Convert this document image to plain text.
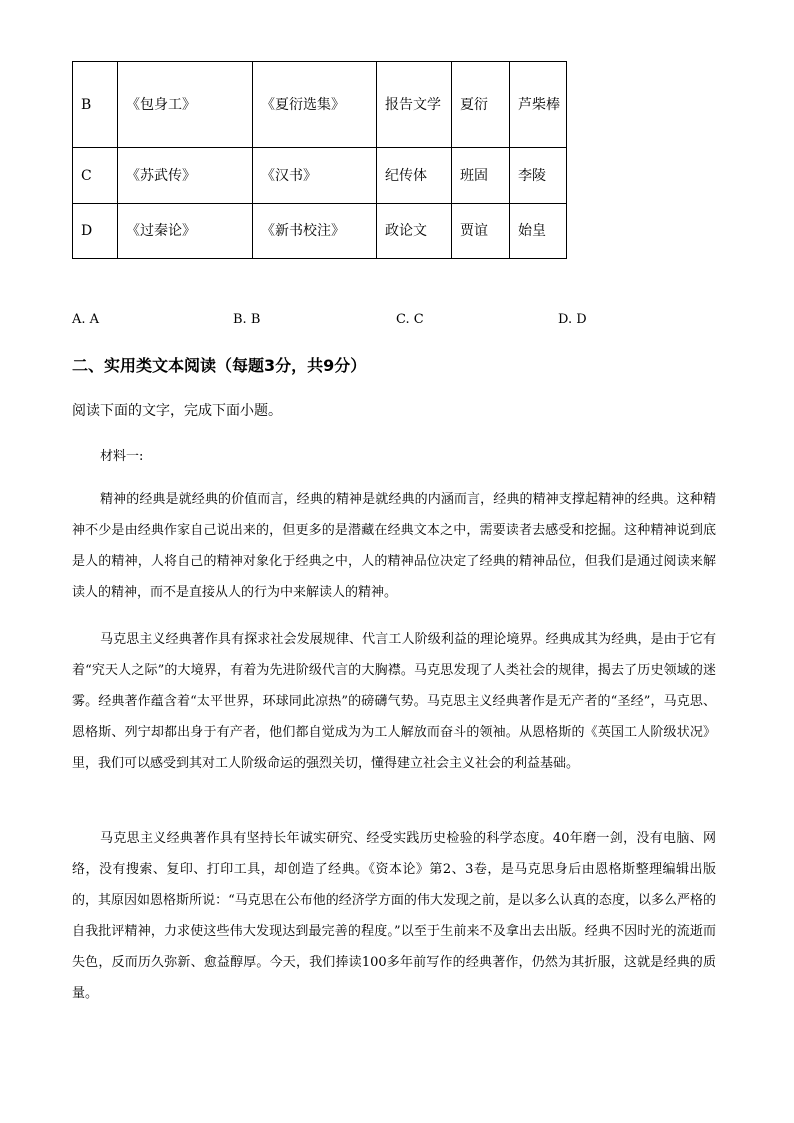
B	《包身工》	《夏衍选集》	报告文学	夏衍	芦柴棒
C	《苏武传》	《汉书》	纪传体	班固	李陵
D	《过秦论》	《新书校注》	政论文	贾谊	始皇
A. A	B. B	C. C	D. D
二、实用类文本阅读（每题3分，共9分）
阅读下面的文字，完成下面小题。
材料一:

精神的经典是就经典的价值而言，经典的精神是就经典的内涵而言，经典的精神支撑起精神的经典。这种精神不少是由经典作家自己说出来的，但更多的是潜藏在经典文本之中，需要读者去感受和挖掘。这种精神说到底是人的精神，人将自己的精神对象化于经典之中，人的精神品位决定了经典的精神品位，但我们是通过阅读来解读人的精神，而不是直接从人的行为中来解读人的精神。

马克思主义经典著作具有探求社会发展规律、代言工人阶级利益的理论境界。经典成其为经典，是由于它有着“究天人之际”的大境界，有着为先进阶级代言的大胸襟。马克思发现了人类社会的规律，揭去了历史领域的迷雾。经典著作蕴含着“太平世界，环球同此凉热”的磅礴气势。马克思主义经典著作是无产者的“圣经”，马克思、恩格斯、列宁却都出身于有产者，他们都自觉成为为工人解放而奋斗的领袖。从恩格斯的《英国工人阶级状况》里，我们可以感受到其对工人阶级命运的强烈关切，懂得建立社会主义社会的利益基础。

马克思主义经典著作具有坚持长年诚实研究、经受实践历史检验的科学态度。40年磨一剑，没有电脑、网络，没有搜索、复印、打印工具，却创造了经典。《资本论》第2、3卷，是马克思身后由恩格斯整理编辑出版的，其原因如恩格斯所说：“马克思在公布他的经济学方面的伟大发现之前，是以多么认真的态度，以多么严格的自我批评精神，力求使这些伟大发现达到最完善的程度。”以至于生前来不及拿出去出版。经典不因时光的流逝而失色，反而历久弥新、愈益醇厚。今天，我们捧读100多年前写作的经典著作，仍然为其折服，这就是经典的质量。
